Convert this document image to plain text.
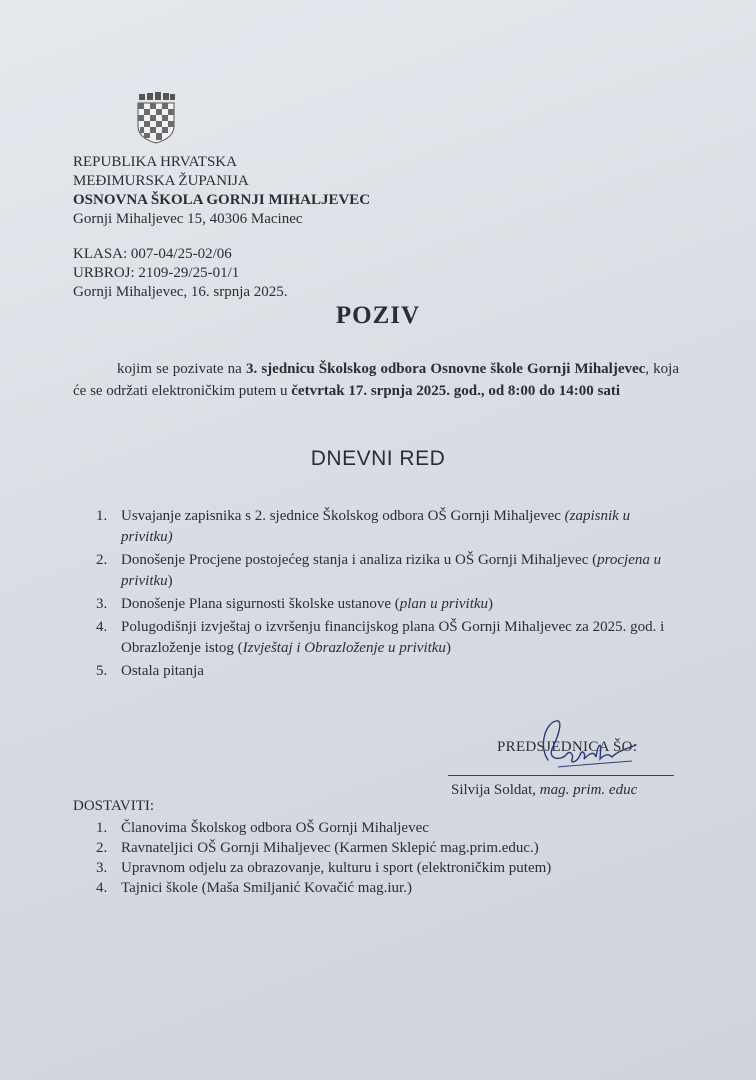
REPUBLIKA HRVATSKA
MEĐIMURSKA ŽUPANIJA
OSNOVNA ŠKOLA GORNJI MIHALJEVEC
Gornji Mihaljevec 15, 40306 Macinec
KLASA: 007-04/25-02/06
URBROJ: 2109-29/25-01/1
Gornji Mihaljevec, 16. srpnja 2025.
POZIV
kojim se pozivate na 3. sjednicu Školskog odbora Osnovne škole Gornji Mihaljevec, koja će se održati elektroničkim putem u četvrtak 17. srpnja 2025. god., od 8:00 do 14:00 sati
DNEVNI RED
1. Usvajanje zapisnika s 2. sjednice Školskog odbora OŠ Gornji Mihaljevec (zapisnik u privitku)
2. Donošenje Procjene postojećeg stanja i analiza rizika u OŠ Gornji Mihaljevec (procjena u privitku)
3. Donošenje Plana sigurnosti školske ustanove (plan u privitku)
4. Polugodišnji izvještaj o izvršenju financijskog plana OŠ Gornji Mihaljevec za 2025. god. i Obrazloženje istog (Izvještaj i Obrazloženje u privitku)
5. Ostala pitanja
PREDSJEDNICA ŠO:
Silvija Soldat, mag. prim. educ
DOSTAVITI:
1. Članovima Školskog odbora OŠ Gornji Mihaljevec
2. Ravnateljici OŠ Gornji Mihaljevec (Karmen Sklepić mag.prim.educ.)
3. Upravnom odjelu za obrazovanje, kulturu i sport (elektroničkim putem)
4. Tajnici škole (Maša Smiljanić Kovačić mag.iur.)
